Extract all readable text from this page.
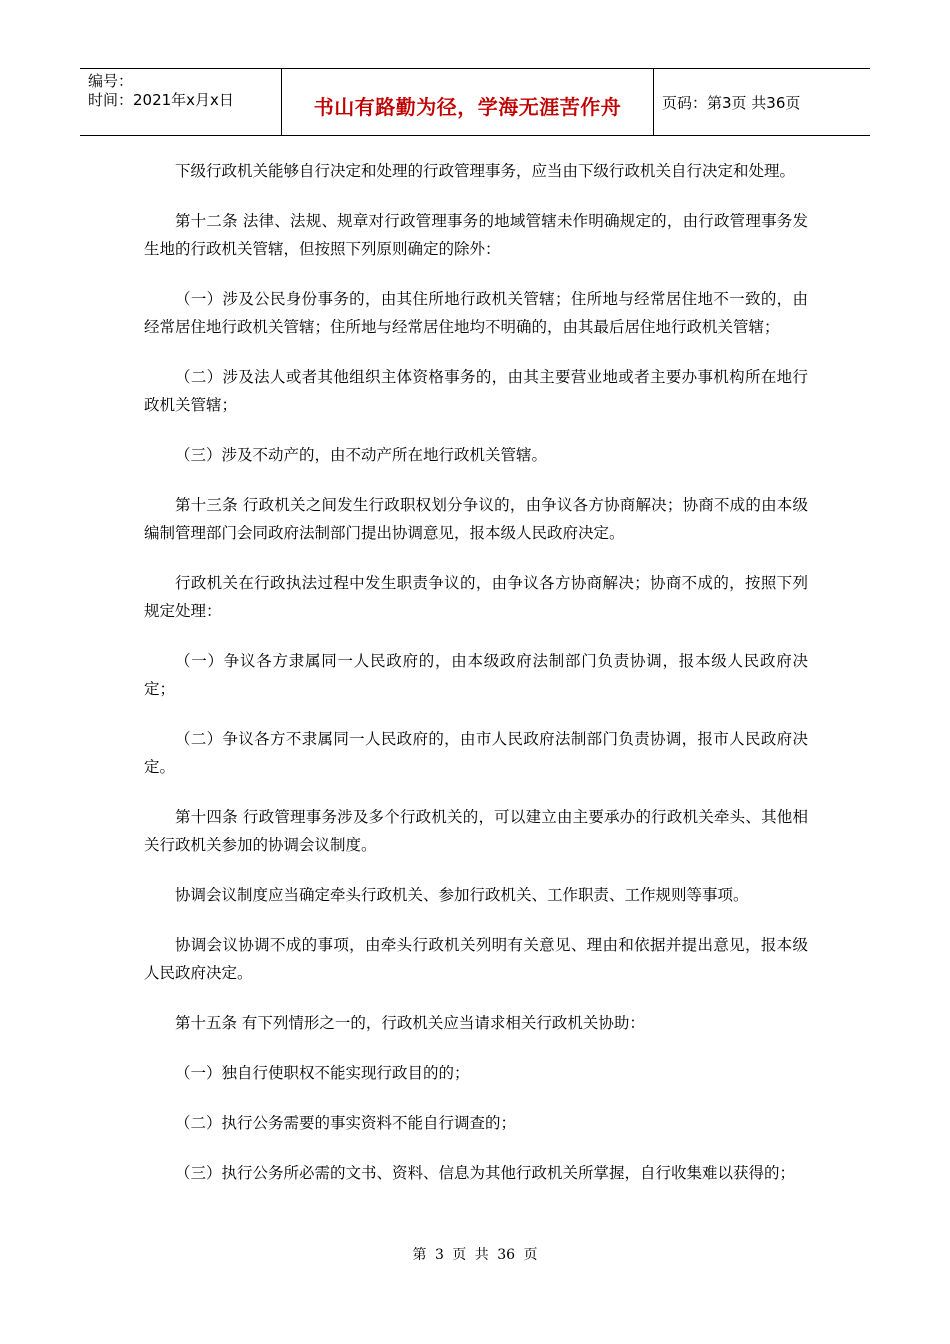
编号：
时间：2021年x月x日	书山有路勤为径，学海无涯苦作舟	页码：第3页 共36页

下级行政机关能够自行决定和处理的行政管理事务，应当由下级行政机关自行决定和处理。

第十二条 法律、法规、规章对行政管理事务的地域管辖未作明确规定的，由行政管理事务发生地的行政机关管辖，但按照下列原则确定的除外：

（一）涉及公民身份事务的，由其住所地行政机关管辖；住所地与经常居住地不一致的，由经常居住地行政机关管辖；住所地与经常居住地均不明确的，由其最后居住地行政机关管辖；

（二）涉及法人或者其他组织主体资格事务的，由其主要营业地或者主要办事机构所在地行政机关管辖；

（三）涉及不动产的，由不动产所在地行政机关管辖。

第十三条 行政机关之间发生行政职权划分争议的，由争议各方协商解决；协商不成的由本级编制管理部门会同政府法制部门提出协调意见，报本级人民政府决定。

行政机关在行政执法过程中发生职责争议的，由争议各方协商解决；协商不成的，按照下列规定处理：

（一）争议各方隶属同一人民政府的，由本级政府法制部门负责协调，报本级人民政府决定；

（二）争议各方不隶属同一人民政府的，由市人民政府法制部门负责协调，报市人民政府决定。

第十四条 行政管理事务涉及多个行政机关的，可以建立由主要承办的行政机关牵头、其他相关行政机关参加的协调会议制度。

协调会议制度应当确定牵头行政机关、参加行政机关、工作职责、工作规则等事项。

协调会议协调不成的事项，由牵头行政机关列明有关意见、理由和依据并提出意见，报本级人民政府决定。

第十五条 有下列情形之一的，行政机关应当请求相关行政机关协助：

（一）独自行使职权不能实现行政目的的；

（二）执行公务需要的事实资料不能自行调查的；

（三）执行公务所必需的文书、资料、信息为其他行政机关所掌握，自行收集难以获得的；

第 3 页 共 36 页
